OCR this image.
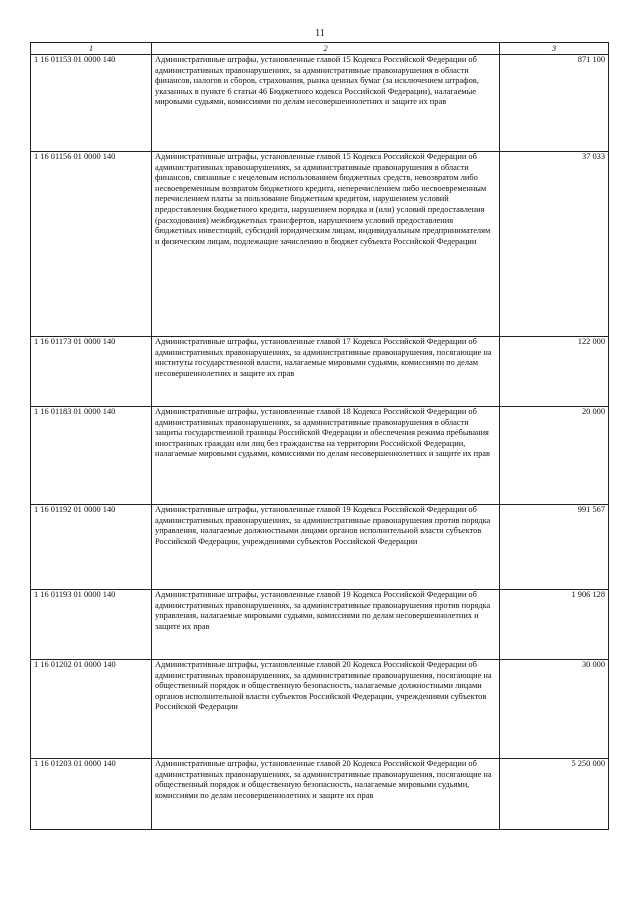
11
1	2	3
1 16 01153 01 0000 140	Административные штрафы, установленные главой 15 Кодекса Российской Федерации об административных правонарушениях, за административные правонарушения в области финансов, налогов и сборов, страхования, рынка ценных бумаг (за исключением штрафов, указанных в пункте 6 статьи 46 Бюджетного кодекса Российской Федерации), налагаемые мировыми судьями, комиссиями по делам несовершеннолетних и защите их прав	871 100
1 16 01156 01 0000 140	Административные штрафы, установленные главой 15 Кодекса Российской Федерации об административных правонарушениях, за административные правонарушения в области финансов, связанные с нецелевым использованием бюджетных средств, невозвратом либо несвоевременным возвратом бюджетного кредита, неперечислением либо несвоевременным перечислением платы за пользование бюджетным кредитом, нарушением условий предоставления бюджетного кредита, нарушением порядка и (или) условий предоставления (расходования) межбюджетных трансфертов, нарушением условий предоставления бюджетных инвестиций, субсидий юридическим лицам, индивидуальным предпринимателям и физическим лицам, подлежащие зачислению в бюджет субъекта Российской Федерации	37 033
1 16 01173 01 0000 140	Административные штрафы, установленные главой 17 Кодекса Российской Федерации об административных правонарушениях, за административные правонарушения, посягающие на институты государственной власти, налагаемые мировыми судьями, комиссиями по делам несовершеннолетних и защите их прав	122 000
1 16 01183 01 0000 140	Административные штрафы, установленные главой 18 Кодекса Российской Федерации об административных правонарушениях, за административные правонарушения в области защиты государственной границы Российской Федерации и обеспечения режима пребывания иностранных граждан или лиц без гражданства на территории Российской Федерации, налагаемые мировыми судьями, комиссиями по делам несовершеннолетних и защите их прав	20 000
1 16 01192 01 0000 140	Административные штрафы, установленные главой 19 Кодекса Российской Федерации об административных правонарушениях, за административные правонарушения против порядка управления, налагаемые должностными лицами органов исполнительной власти субъектов Российской Федерации, учреждениями субъектов Российской Федерации	991 567
1 16 01193 01 0000 140	Административные штрафы, установленные главой 19 Кодекса Российской Федерации об административных правонарушениях, за административные правонарушения против порядка управления, налагаемые мировыми судьями, комиссиями по делам несовершеннолетних и защите их прав	1 906 128
1 16 01202 01 0000 140	Административные штрафы, установленные главой 20 Кодекса Российской Федерации об административных правонарушениях, за административные правонарушения, посягающие на общественный порядок и общественную безопасность, налагаемые должностными лицами органов исполнительной власти субъектов Российской Федерации, учреждениями субъектов Российской Федерации	30 000
1 16 01203 01 0000 140	Административные штрафы, установленные главой 20 Кодекса Российской Федерации об административных правонарушениях, за административные правонарушения, посягающие на общественный порядок и общественную безопасность, налагаемые мировыми судьями, комиссиями по делам несовершеннолетних и защите их прав	5 250 000
